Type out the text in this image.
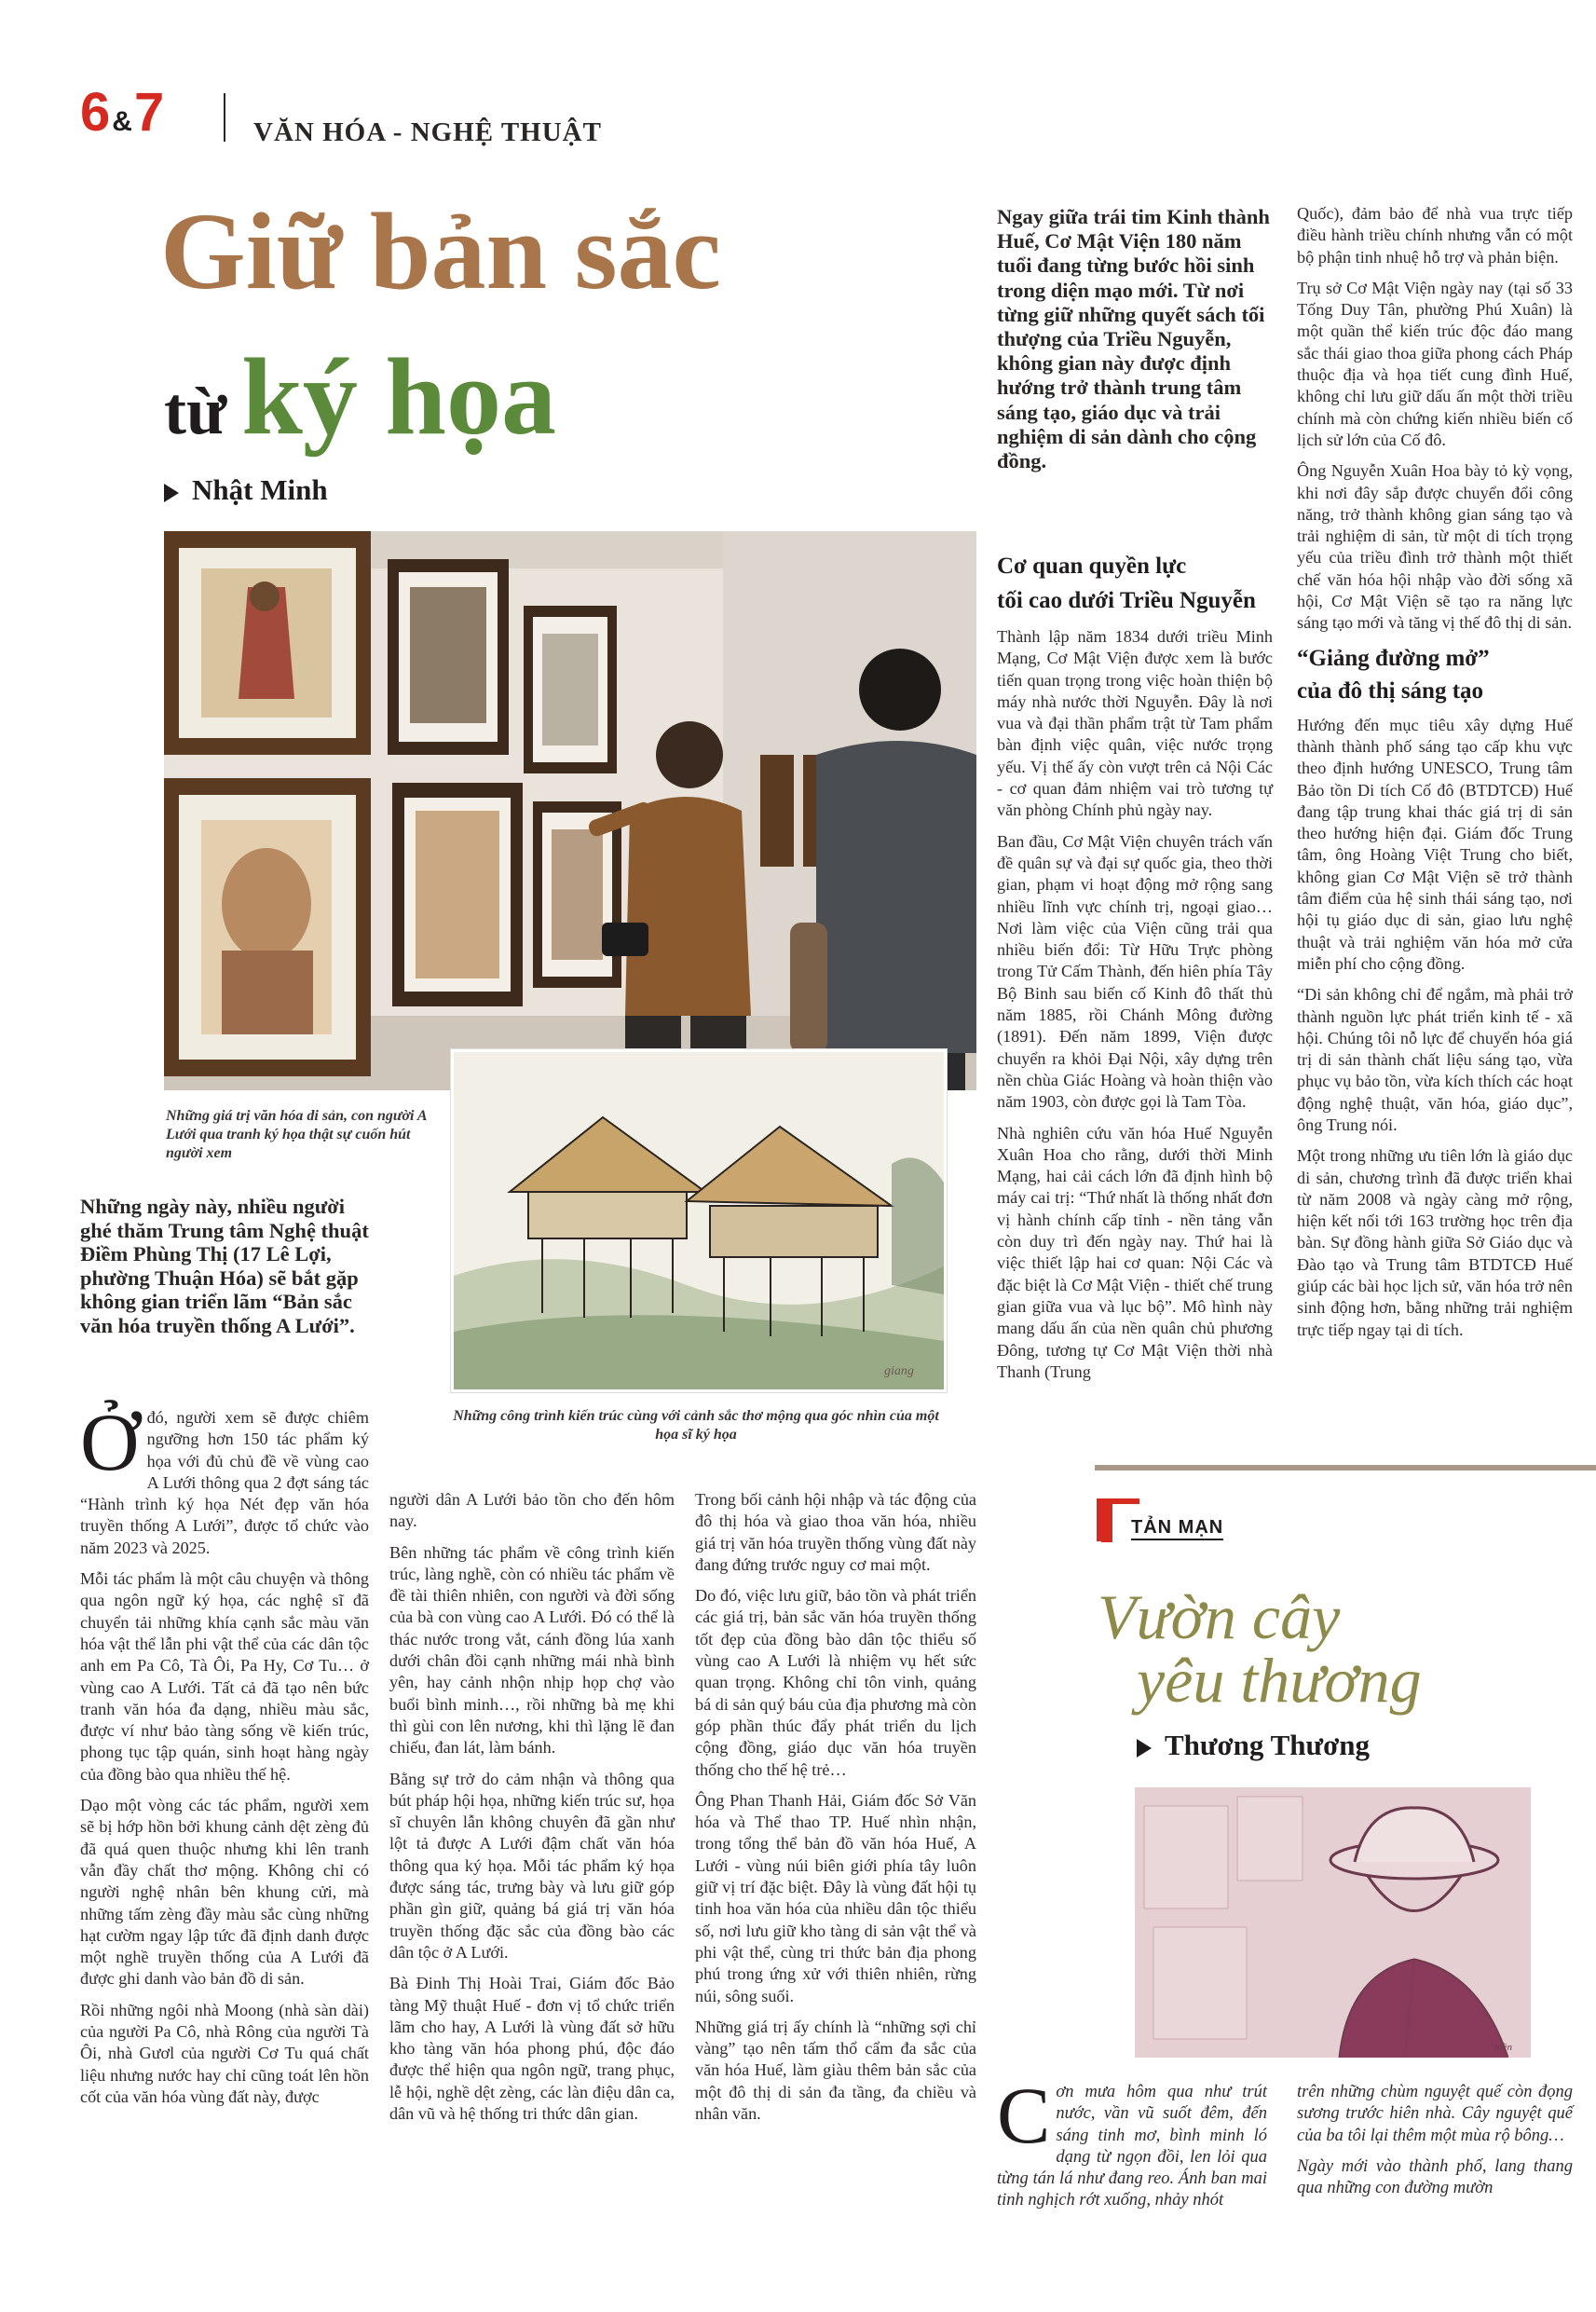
6&7	VĂN HÓA - NGHỆ THUẬT
Giữ bản sắc
từ ký họa
Nhật Minh
giang
Những giá trị văn hóa di sản, con người A Lưới qua tranh ký họa thật sự cuốn hút người xem
Những công trình kiến trúc cùng với cảnh sắc thơ mộng qua góc nhìn của một họa sĩ ký họa
Những ngày này, nhiều người ghé thăm Trung tâm Nghệ thuật Điềm Phùng Thị (17 Lê Lợi, phường Thuận Hóa) sẽ bắt gặp không gian triển lãm “Bản sắc văn hóa truyền thống A Lưới”.

Ởđó, người xem sẽ được chiêm ngưỡng hơn 150 tác phẩm ký họa với đủ chủ đề về vùng cao A Lưới thông qua 2 đợt sáng tác “Hành trình ký họa Nét đẹp văn hóa truyền thống A Lưới”, được tổ chức vào năm 2023 và 2025.

Mỗi tác phẩm là một câu chuyện và thông qua ngôn ngữ ký họa, các nghệ sĩ đã chuyển tải những khía cạnh sắc màu văn hóa vật thể lẫn phi vật thể của các dân tộc anh em Pa Cô, Tà Ôi, Pa Hy, Cơ Tu… ở vùng cao A Lưới. Tất cả đã tạo nên bức tranh văn hóa đa dạng, nhiều màu sắc, được ví như bảo tàng sống về kiến trúc, phong tục tập quán, sinh hoạt hàng ngày của đồng bào qua nhiều thế hệ.

Dạo một vòng các tác phẩm, người xem sẽ bị hớp hồn bởi khung cảnh dệt zèng đủ đã quá quen thuộc nhưng khi lên tranh vẫn đầy chất thơ mộng. Không chỉ có người nghệ nhân bên khung cửi, mà những tấm zèng đầy màu sắc cùng những hạt cườm ngay lập tức đã định danh được một nghề truyền thống của A Lưới đã được ghi danh vào bản đồ di sản.

Rồi những ngôi nhà Moong (nhà sàn dài) của người Pa Cô, nhà Rông của người Tà Ôi, nhà Gươl của người Cơ Tu quá chất liệu nhưng nước hay chỉ cũng toát lên hồn cốt của văn hóa vùng đất này, được

người dân A Lưới bảo tồn cho đến hôm nay.

Bên những tác phẩm về công trình kiến trúc, làng nghề, còn có nhiều tác phẩm về đề tài thiên nhiên, con người và đời sống của bà con vùng cao A Lưới. Đó có thể là thác nước trong vắt, cánh đồng lúa xanh dưới chân đồi cạnh những mái nhà bình yên, hay cảnh nhộn nhịp họp chợ vào buổi bình minh…, rồi những bà mẹ khi thì gùi con lên nương, khi thì lặng lẽ đan chiếu, đan lát, làm bánh.

Bằng sự trở do cảm nhận và thông qua bút pháp hội họa, những kiến trúc sư, họa sĩ chuyên lẫn không chuyên đã gần như lột tả được A Lưới đậm chất văn hóa thông qua ký họa. Mỗi tác phẩm ký họa được sáng tác, trưng bày và lưu giữ góp phần gìn giữ, quảng bá giá trị văn hóa truyền thống đặc sắc của đồng bào các dân tộc ở A Lưới.

Bà Đinh Thị Hoài Trai, Giám đốc Bảo tàng Mỹ thuật Huế - đơn vị tổ chức triển lãm cho hay, A Lưới là vùng đất sở hữu kho tàng văn hóa phong phú, độc đáo được thể hiện qua ngôn ngữ, trang phục, lễ hội, nghề dệt zèng, các làn điệu dân ca, dân vũ và hệ thống tri thức dân gian.

Trong bối cảnh hội nhập và tác động của đô thị hóa và giao thoa văn hóa, nhiều giá trị văn hóa truyền thống vùng đất này đang đứng trước nguy cơ mai một.

Do đó, việc lưu giữ, bảo tồn và phát triển các giá trị, bản sắc văn hóa truyền thống tốt đẹp của đồng bào dân tộc thiểu số vùng cao A Lưới là nhiệm vụ hết sức quan trọng. Không chỉ tôn vinh, quảng bá di sản quý báu của địa phương mà còn góp phần thúc đẩy phát triển du lịch cộng đồng, giáo dục văn hóa truyền thống cho thế hệ trẻ…

Ông Phan Thanh Hải, Giám đốc Sở Văn hóa và Thể thao TP. Huế nhìn nhận, trong tổng thể bản đồ văn hóa Huế, A Lưới - vùng núi biên giới phía tây luôn giữ vị trí đặc biệt. Đây là vùng đất hội tụ tinh hoa văn hóa của nhiều dân tộc thiểu số, nơi lưu giữ kho tàng di sản vật thể và phi vật thể, cùng tri thức bản địa phong phú trong ứng xử với thiên nhiên, rừng núi, sông suối.

Những giá trị ấy chính là “những sợi chỉ vàng” tạo nên tấm thổ cẩm đa sắc của văn hóa Huế, làm giàu thêm bản sắc của một đô thị di sản đa tầng, đa chiều và nhân văn.

Ngay giữa trái tim Kinh thành Huế, Cơ Mật Viện 180 năm tuổi đang từng bước hồi sinh trong diện mạo mới. Từ nơi từng giữ những quyết sách tối thượng của Triều Nguyễn, không gian này được định hướng trở thành trung tâm sáng tạo, giáo dục và trải nghiệm di sản dành cho cộng đồng.
Cơ quan quyền lực
tối cao dưới Triều Nguyễn

Thành lập năm 1834 dưới triều Minh Mạng, Cơ Mật Viện được xem là bước tiến quan trọng trong việc hoàn thiện bộ máy nhà nước thời Nguyễn. Đây là nơi vua và đại thần phẩm trật từ Tam phẩm bàn định việc quân, việc nước trọng yếu. Vị thế ấy còn vượt trên cả Nội Các - cơ quan đảm nhiệm vai trò tương tự văn phòng Chính phủ ngày nay.

Ban đầu, Cơ Mật Viện chuyên trách vấn đề quân sự và đại sự quốc gia, theo thời gian, phạm vi hoạt động mở rộng sang nhiều lĩnh vực chính trị, ngoại giao… Nơi làm việc của Viện cũng trải qua nhiều biến đổi: Từ Hữu Trực phòng trong Tử Cấm Thành, đến hiên phía Tây Bộ Binh sau biến cố Kinh đô thất thủ năm 1885, rồi Chánh Mông đường (1891). Đến năm 1899, Viện được chuyển ra khỏi Đại Nội, xây dựng trên nền chùa Giác Hoàng và hoàn thiện vào năm 1903, còn được gọi là Tam Tòa.

Nhà nghiên cứu văn hóa Huế Nguyễn Xuân Hoa cho rằng, dưới thời Minh Mạng, hai cải cách lớn đã định hình bộ máy cai trị: “Thứ nhất là thống nhất đơn vị hành chính cấp tỉnh - nền tảng vẫn còn duy trì đến ngày nay. Thứ hai là việc thiết lập hai cơ quan: Nội Các và đặc biệt là Cơ Mật Viện - thiết chế trung gian giữa vua và lục bộ”. Mô hình này mang dấu ấn của nền quân chủ phương Đông, tương tự Cơ Mật Viện thời nhà Thanh (Trung

Quốc), đảm bảo để nhà vua trực tiếp điều hành triều chính nhưng vẫn có một bộ phận tinh nhuệ hỗ trợ và phản biện.

Trụ sở Cơ Mật Viện ngày nay (tại số 33 Tống Duy Tân, phường Phú Xuân) là một quần thể kiến trúc độc đáo mang sắc thái giao thoa giữa phong cách Pháp thuộc địa và họa tiết cung đình Huế, không chỉ lưu giữ dấu ấn một thời triều chính mà còn chứng kiến nhiều biến cố lịch sử lớn của Cố đô.

Ông Nguyễn Xuân Hoa bày tỏ kỳ vọng, khi nơi đây sắp được chuyển đổi công năng, trở thành không gian sáng tạo và trải nghiệm di sản, từ một di tích trọng yếu của triều đình trở thành một thiết chế văn hóa hội nhập vào đời sống xã hội, Cơ Mật Viện sẽ tạo ra năng lực sáng tạo mới và tăng vị thế đô thị di sản.

“Giảng đường mở”
của đô thị sáng tạo

Hướng đến mục tiêu xây dựng Huế thành thành phố sáng tạo cấp khu vực theo định hướng UNESCO, Trung tâm Bảo tồn Di tích Cố đô (BTDTCĐ) Huế đang tập trung khai thác giá trị di sản theo hướng hiện đại. Giám đốc Trung tâm, ông Hoàng Việt Trung cho biết, không gian Cơ Mật Viện sẽ trở thành tâm điểm của hệ sinh thái sáng tạo, nơi hội tụ giáo dục di sản, giao lưu nghệ thuật và trải nghiệm văn hóa mở cửa miễn phí cho cộng đồng.

“Di sản không chỉ để ngắm, mà phải trở thành nguồn lực phát triển kinh tế - xã hội. Chúng tôi nỗ lực để chuyển hóa giá trị di sản thành chất liệu sáng tạo, vừa phục vụ bảo tồn, vừa kích thích các hoạt động nghệ thuật, văn hóa, giáo dục”, ông Trung nói.

Một trong những ưu tiên lớn là giáo dục di sản, chương trình đã được triển khai từ năm 2008 và ngày càng mở rộng, hiện kết nối tới 163 trường học trên địa bàn. Sự đồng hành giữa Sở Giáo dục và Đào tạo và Trung tâm BTDTCĐ Huế giúp các bài học lịch sử, văn hóa trở nên sinh động hơn, bằng những trải nghiệm trực tiếp ngay tại di tích.

TẢN MẠN
Vườn cây
yêu thương
Thương Thương
hiền
Cơn mưa hôm qua như trút nước, vần vũ suốt đêm, đến sáng tinh mơ, bình minh ló dạng từ ngọn đồi, len lỏi qua từng tán lá như đang reo. Ánh ban mai tinh nghịch rớt xuống, nhảy nhót

trên những chùm nguyệt quế còn đọng sương trước hiên nhà. Cây nguyệt quế của ba tôi lại thêm một mùa rộ bông…

Ngày mới vào thành phố, lang thang qua những con đường mườn
